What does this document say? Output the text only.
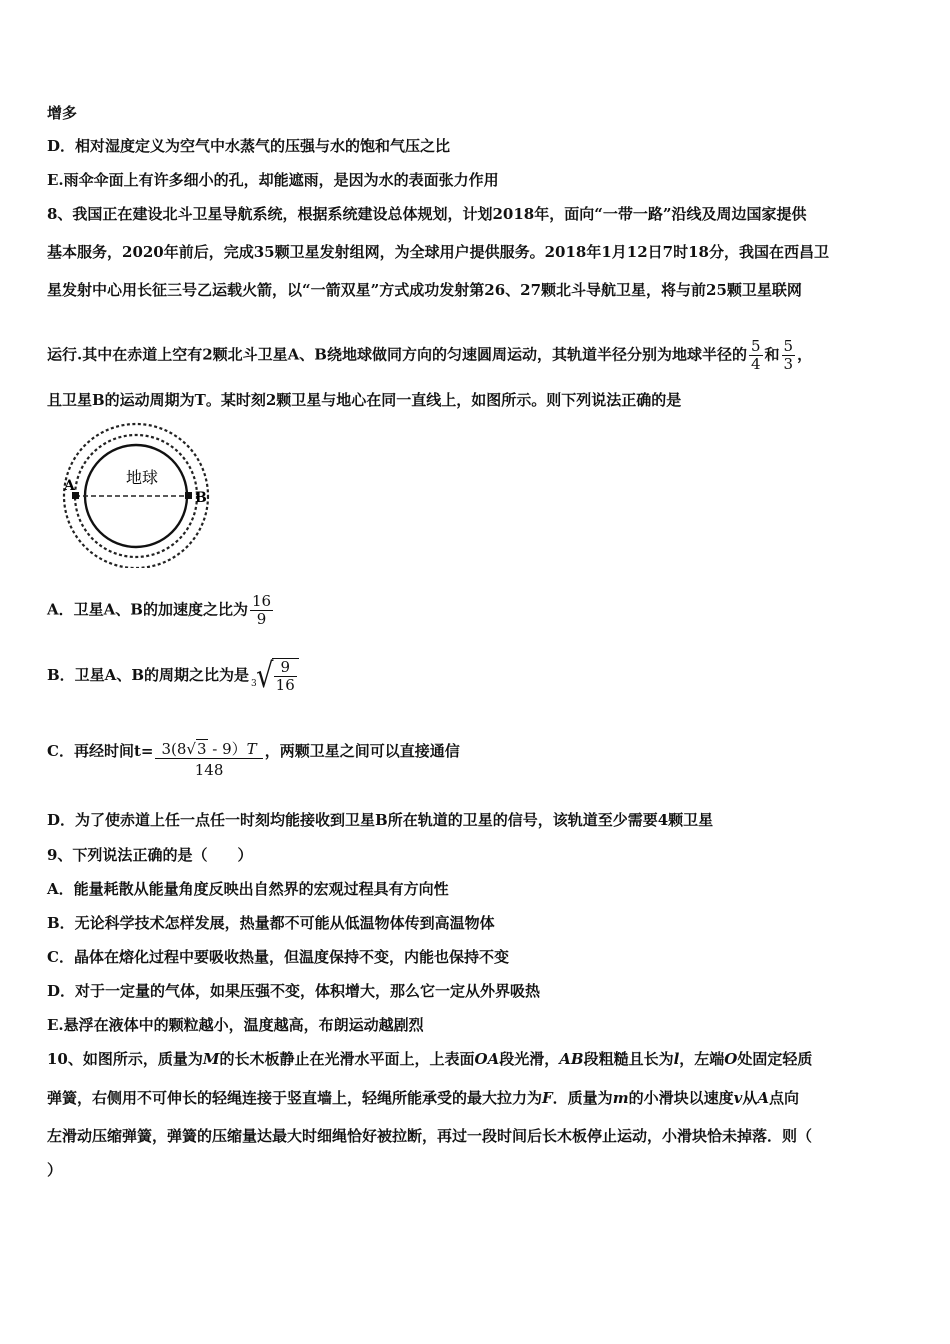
增多
D．相对湿度定义为空气中水蒸气的压强与水的饱和气压之比
E.雨伞伞面上有许多细小的孔，却能遮雨，是因为水的表面张力作用
8、我国正在建设北斗卫星导航系统，根据系统建设总体规划，计划2018年，面向“一带一路”沿线及周边国家提供
基本服务，2020年前后，完成35颗卫星发射组网，为全球用户提供服务。2018年1月12日7时18分，我国在西昌卫
星发射中心用长征三号乙运载火箭，以“一箭双星”方式成功发射第26、27颗北斗导航卫星，将与前25颗卫星联网
运行.其中在赤道上空有2颗北斗卫星A、B绕地球做同方向的匀速圆周运动，其轨道半径分别为地球半径的 $\frac{5}{4}$ 和 $\frac{5}{3}$ ，
且卫星B的运动周期为T。某时刻2颗卫星与地心在同一直线上，如图所示。则下列说法正确的是
地球
A
B
A．卫星A、B的加速度之比为 $\frac{16}{9}$
B．卫星A、B的周期之比为是 3 √ $\frac{9}{16}$
C．再经时间$t= \frac{3(8√3 - 9)T}{148}$ ，两颗卫星之间可以直接通信
D．为了使赤道上任一点任一时刻均能接收到卫星B所在轨道的卫星的信号，该轨道至少需要4颗卫星
9、下列说法正确的是（　　）
A．能量耗散从能量角度反映出自然界的宏观过程具有方向性
B．无论科学技术怎样发展，热量都不可能从低温物体传到高温物体
C．晶体在熔化过程中要吸收热量，但温度保持不变，内能也保持不变
D．对于一定量的气体，如果压强不变，体积增大，那么它一定从外界吸热
E.悬浮在液体中的颗粒越小，温度越高，布朗运动越剧烈
10、如图所示，质量为M的长木板静止在光滑水平面上，上表面OA段光滑，AB段粗糙且长为l，左端O处固定轻质
弹簧，右侧用不可伸长的轻绳连接于竖直墙上，轻绳所能承受的最大拉力为F．质量为m的小滑块以速度v从A点向
左滑动压缩弹簧，弹簧的压缩量达最大时细绳恰好被拉断，再过一段时间后长木板停止运动，小滑块恰未掉落．则（
）
